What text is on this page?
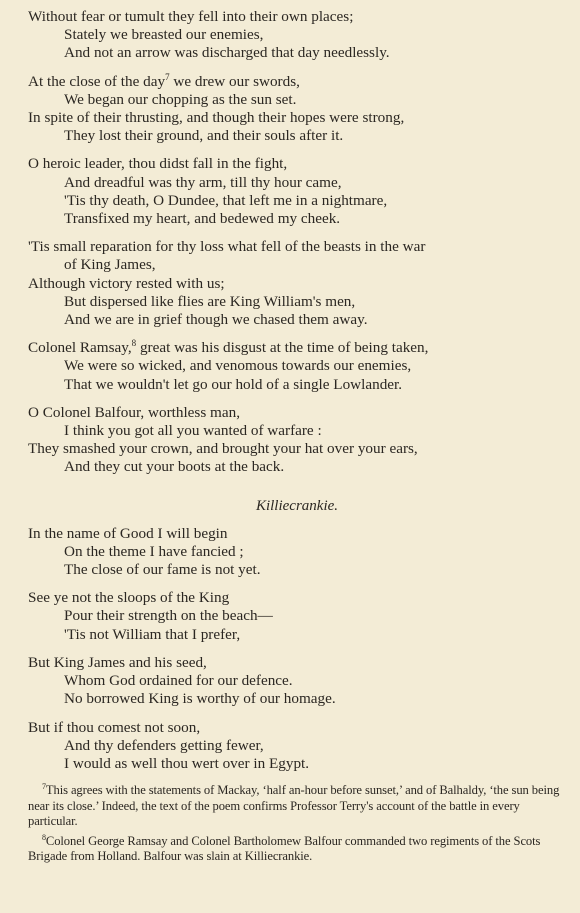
Without fear or tumult they fell into their own places;
Stately we breasted our enemies,
And not an arrow was discharged that day needlessly.
At the close of the day$^7$ we drew our swords,
We began our chopping as the sun set.
In spite of their thrusting, and though their hopes were strong,
They lost their ground, and their souls after it.
O heroic leader, thou didst fall in the fight,
And dreadful was thy arm, till thy hour came,
'Tis thy death, O Dundee, that left me in a nightmare,
Transfixed my heart, and bedewed my cheek.
'Tis small reparation for thy loss what fell of the beasts in the war
of King James,
Although victory rested with us;
But dispersed like flies are King William's men,
And we are in grief though we chased them away.
Colonel Ramsay,$^8$ great was his disgust at the time of being taken,
We were so wicked, and venomous towards our enemies,
That we wouldn't let go our hold of a single Lowlander.
O Colonel Balfour, worthless man,
I think you got all you wanted of warfare :
They smashed your crown, and brought your hat over your ears,
And they cut your boots at the back.
Killiecrankie.
In the name of Good I will begin
On the theme I have fancied ;
The close of our fame is not yet.
See ye not the sloops of the King
Pour their strength on the beach—
'Tis not William that I prefer,
But King James and his seed,
Whom God ordained for our defence.
No borrowed King is worthy of our homage.
But if thou comest not soon,
And thy defenders getting fewer,
I would as well thou wert over in Egypt.
$^7$This agrees with the statements of Mackay, ‘half an-hour before sunset,’ and of Balhaldy, ‘the sun being near its close.’ Indeed, the text of the poem confirms Professor Terry's account of the battle in every particular.
$^8$Colonel George Ramsay and Colonel Bartholomew Balfour commanded two regiments of the Scots Brigade from Holland. Balfour was slain at Killiecrankie.
